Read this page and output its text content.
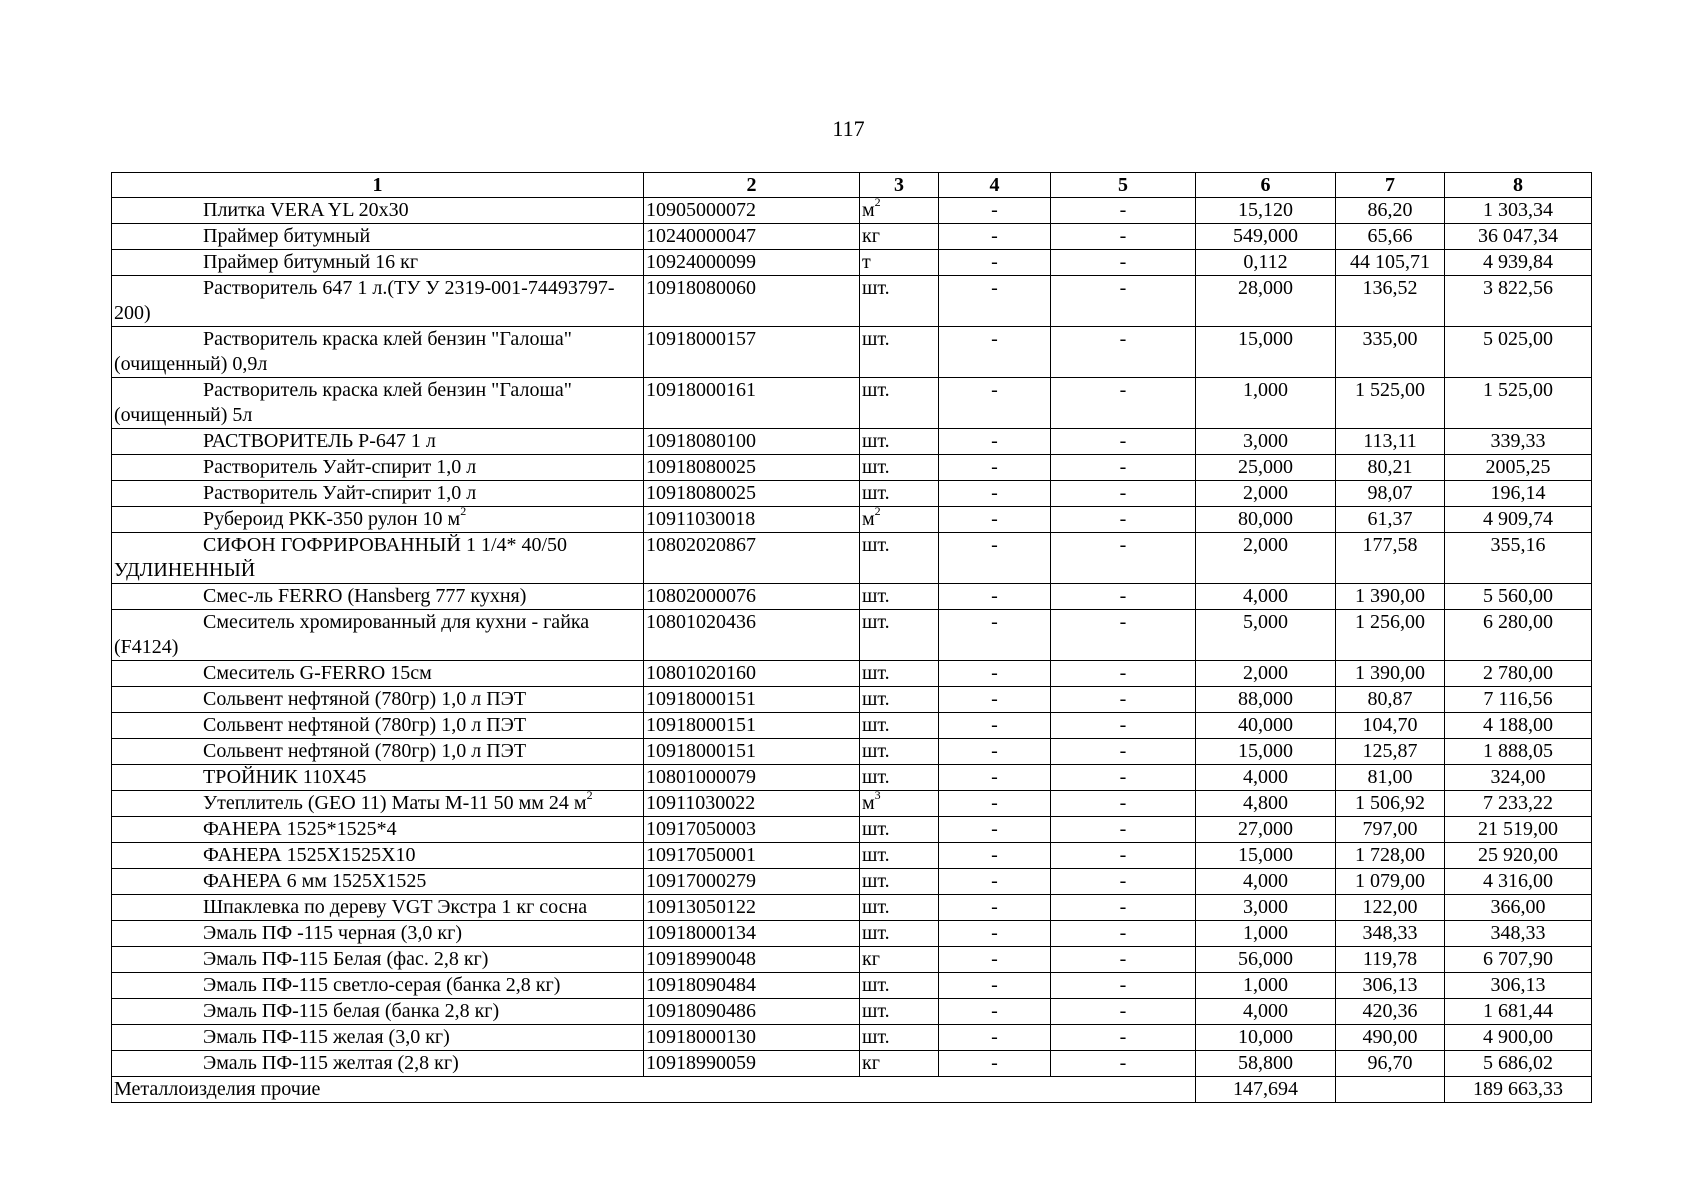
117
1	2	3	4	5	6	7	8
Плитка VERA YL 20х30	10905000072	$м^2$	-	-	15,120	86,20	1 303,34
Праймер битумный	10240000047	кг	-	-	549,000	65,66	36 047,34
Праймер битумный 16 кг	10924000099	т	-	-	0,112	44 105,71	4 939,84
Растворитель 647 1 л.(ТУ У 2319-001-74493797-200)	10918080060	шт.	-	-	28,000	136,52	3 822,56
Растворитель краска клей бензин "Галоша" (очищенный) 0,9л	10918000157	шт.	-	-	15,000	335,00	5 025,00
Растворитель краска клей бензин "Галоша" (очищенный) 5л	10918000161	шт.	-	-	1,000	1 525,00	1 525,00
РАСТВОРИТЕЛЬ Р-647 1 л	10918080100	шт.	-	-	3,000	113,11	339,33
Растворитель Уайт-спирит 1,0 л	10918080025	шт.	-	-	25,000	80,21	2005,25
Растворитель Уайт-спирит 1,0 л	10918080025	шт.	-	-	2,000	98,07	196,14
Рубероид РКК-350 рулон 10 $м^2$	10911030018	$м^2$	-	-	80,000	61,37	4 909,74
СИФОН ГОФРИРОВАННЫЙ 1 1/4* 40/50 УДЛИНЕННЫЙ	10802020867	шт.	-	-	2,000	177,58	355,16
Смес-ль FERRO (Hansberg 777 кухня)	10802000076	шт.	-	-	4,000	1 390,00	5 560,00
Смеситель хромированный для кухни - гайка (F4124)	10801020436	шт.	-	-	5,000	1 256,00	6 280,00
Смеситель G-FERRO 15см	10801020160	шт.	-	-	2,000	1 390,00	2 780,00
Сольвент нефтяной (780гр) 1,0 л ПЭТ	10918000151	шт.	-	-	88,000	80,87	7 116,56
Сольвент нефтяной (780гр) 1,0 л ПЭТ	10918000151	шт.	-	-	40,000	104,70	4 188,00
Сольвент нефтяной (780гр) 1,0 л ПЭТ	10918000151	шт.	-	-	15,000	125,87	1 888,05
ТРОЙНИК 110Х45	10801000079	шт.	-	-	4,000	81,00	324,00
Утеплитель (GEO 11) Маты М-11 50 мм 24 $м^2$	10911030022	$м^3$	-	-	4,800	1 506,92	7 233,22
ФАНЕРА 1525*1525*4	10917050003	шт.	-	-	27,000	797,00	21 519,00
ФАНЕРА 1525Х1525Х10	10917050001	шт.	-	-	15,000	1 728,00	25 920,00
ФАНЕРА 6 мм 1525Х1525	10917000279	шт.	-	-	4,000	1 079,00	4 316,00
Шпаклевка по дереву VGT Экстра 1 кг сосна	10913050122	шт.	-	-	3,000	122,00	366,00
Эмаль ПФ -115 черная (3,0 кг)	10918000134	шт.	-	-	1,000	348,33	348,33
Эмаль ПФ-115 Белая (фас. 2,8 кг)	10918990048	кг	-	-	56,000	119,78	6 707,90
Эмаль ПФ-115 светло-серая (банка 2,8 кг)	10918090484	шт.	-	-	1,000	306,13	306,13
Эмаль ПФ-115 белая (банка 2,8 кг)	10918090486	шт.	-	-	4,000	420,36	1 681,44
Эмаль ПФ-115 желая (3,0 кг)	10918000130	шт.	-	-	10,000	490,00	4 900,00
Эмаль ПФ-115 желтая (2,8 кг)	10918990059	кг	-	-	58,800	96,70	5 686,02
Металлоизделия прочие					147,694		189 663,33
